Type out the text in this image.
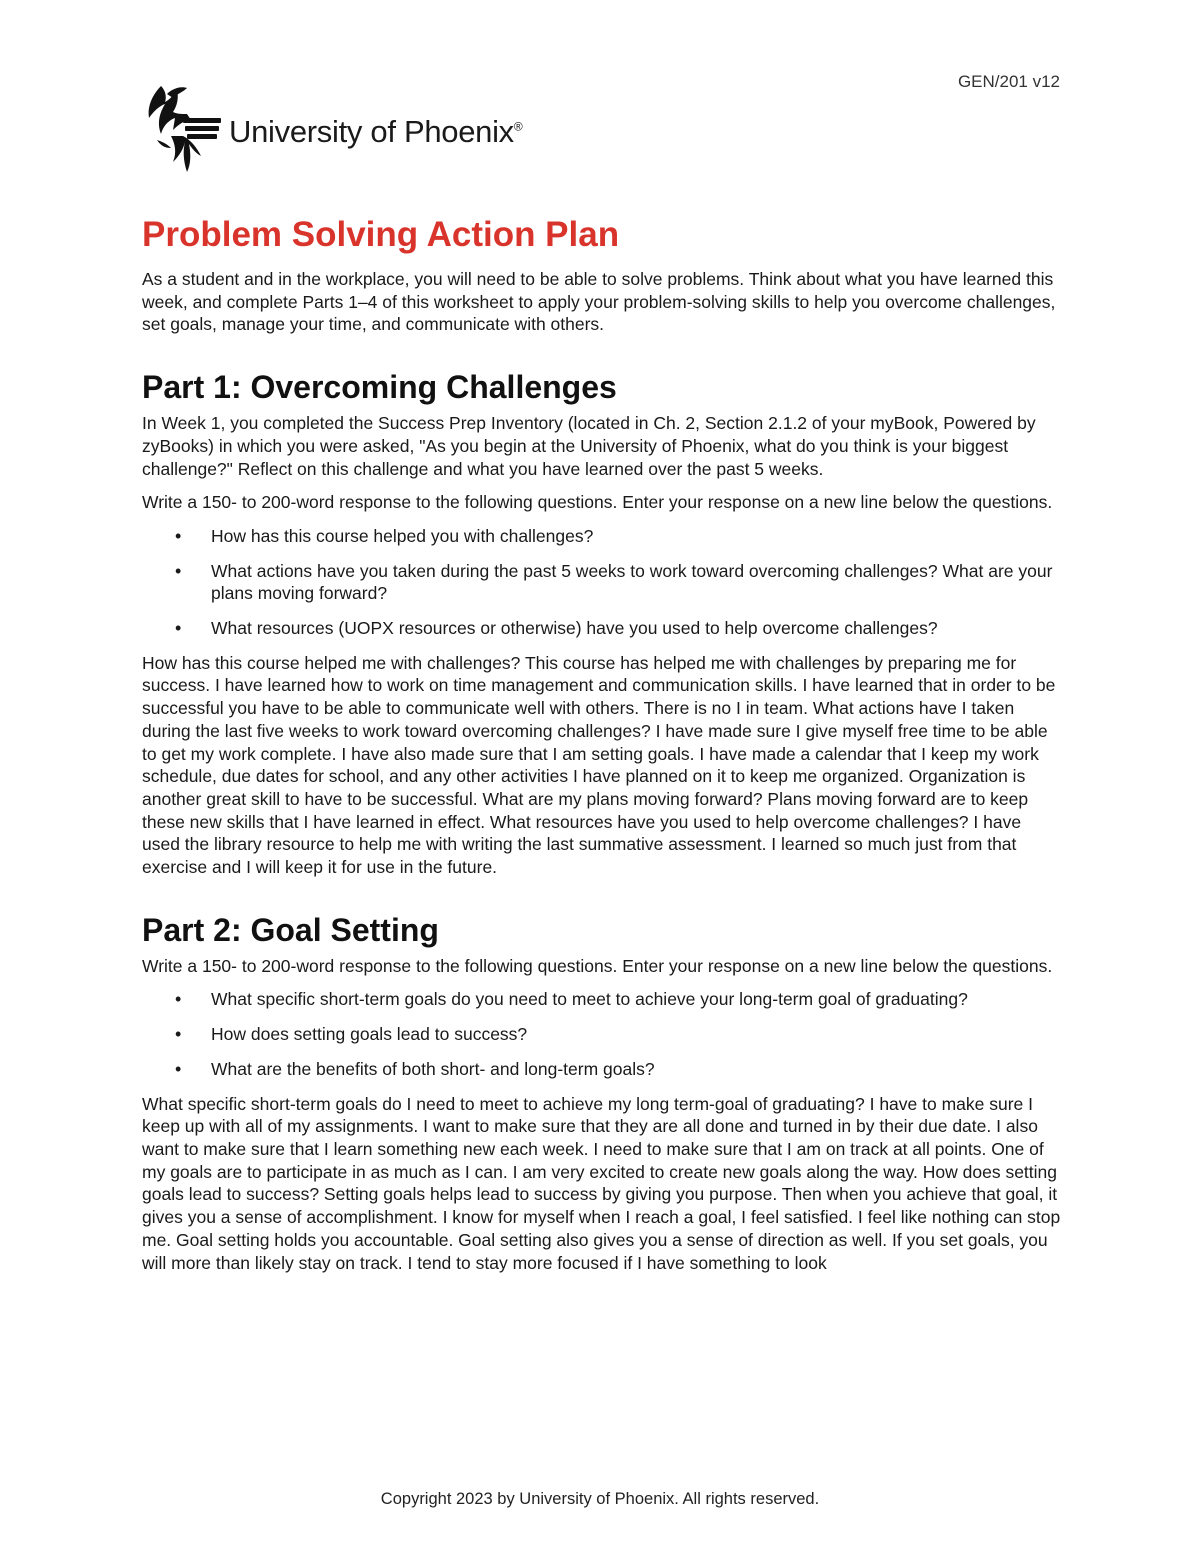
GEN/201 v12
University of Phoenix®
Problem Solving Action Plan

As a student and in the workplace, you will need to be able to solve problems. Think about what you have learned this week, and complete Parts 1–4 of this worksheet to apply your problem-solving skills to help you overcome challenges, set goals, manage your time, and communicate with others.

Part 1: Overcoming Challenges

In Week 1, you completed the Success Prep Inventory (located in Ch. 2, Section 2.1.2 of your myBook, Powered by zyBooks) in which you were asked, "As you begin at the University of Phoenix, what do you think is your biggest challenge?" Reflect on this challenge and what you have learned over the past 5 weeks.

Write a 150- to 200-word response to the following questions. Enter your response on a new line below the questions.

• How has this course helped you with challenges?
• What actions have you taken during the past 5 weeks to work toward overcoming challenges? What are your plans moving forward?
• What resources (UOPX resources or otherwise) have you used to help overcome challenges?

How has this course helped me with challenges? This course has helped me with challenges by preparing me for success. I have learned how to work on time management and communication skills. I have learned that in order to be successful you have to be able to communicate well with others. There is no I in team. What actions have I taken during the last five weeks to work toward overcoming challenges? I have made sure I give myself free time to be able to get my work complete. I have also made sure that I am setting goals. I have made a calendar that I keep my work schedule, due dates for school, and any other activities I have planned on it to keep me organized. Organization is another great skill to have to be successful. What are my plans moving forward? Plans moving forward are to keep these new skills that I have learned in effect. What resources have you used to help overcome challenges? I have used the library resource to help me with writing the last summative assessment. I learned so much just from that exercise and I will keep it for use in the future.

Part 2: Goal Setting

Write a 150- to 200-word response to the following questions. Enter your response on a new line below the questions.

• What specific short-term goals do you need to meet to achieve your long-term goal of graduating?
• How does setting goals lead to success?
• What are the benefits of both short- and long-term goals?

What specific short-term goals do I need to meet to achieve my long term-goal of graduating? I have to make sure I keep up with all of my assignments. I want to make sure that they are all done and turned in by their due date. I also want to make sure that I learn something new each week. I need to make sure that I am on track at all points. One of my goals are to participate in as much as I can. I am very excited to create new goals along the way. How does setting goals lead to success? Setting goals helps lead to success by giving you purpose. Then when you achieve that goal, it gives you a sense of accomplishment. I know for myself when I reach a goal, I feel satisfied. I feel like nothing can stop me. Goal setting holds you accountable. Goal setting also gives you a sense of direction as well. If you set goals, you will more than likely stay on track. I tend to stay more focused if I have something to look

Copyright 2023 by University of Phoenix. All rights reserved.
